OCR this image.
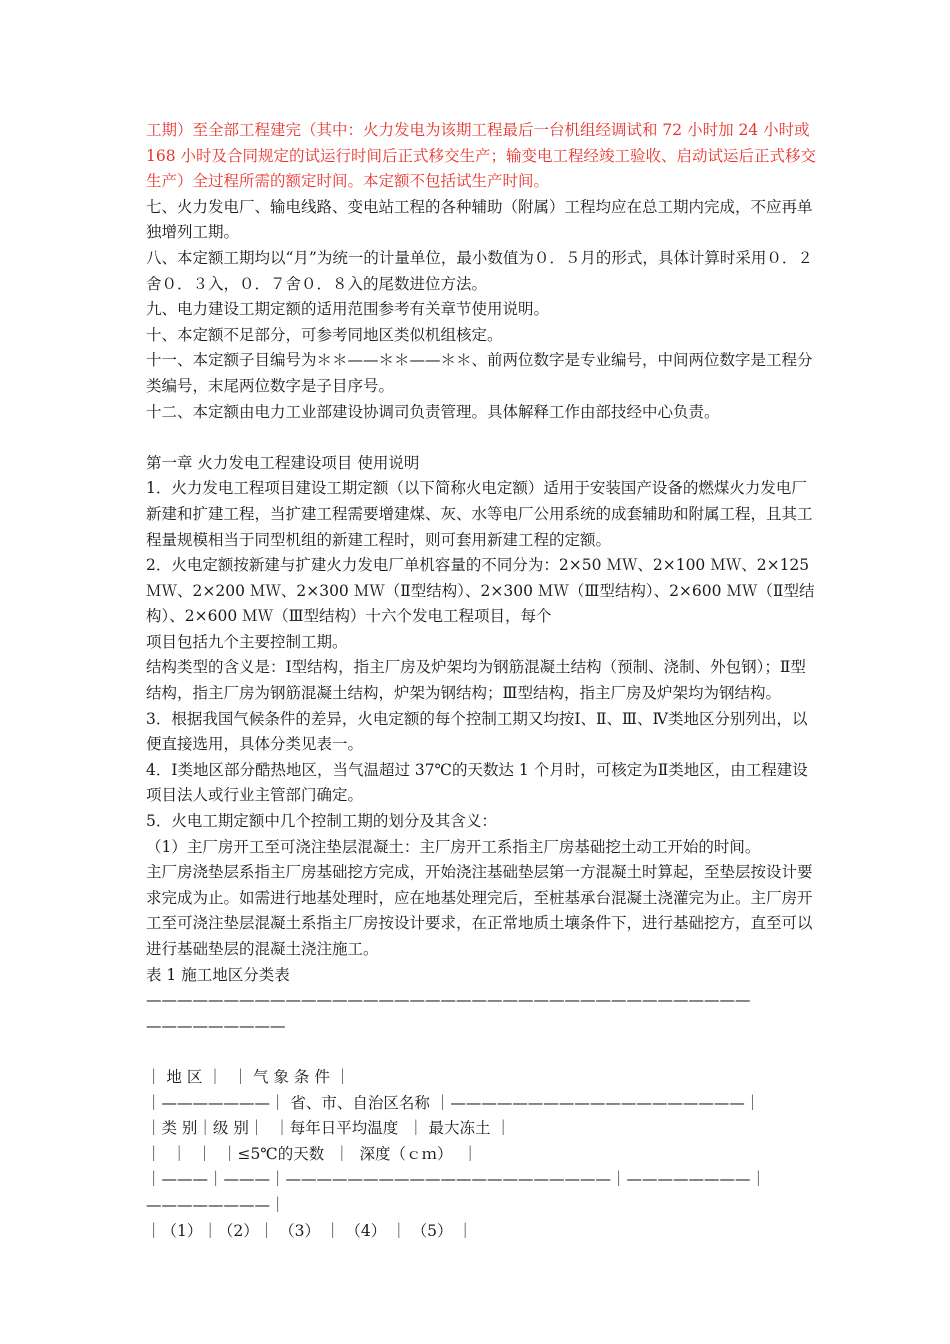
工期）至全部工程建完（其中：火力发电为该期工程最后一台机组经调试和 72 小时加 24 小时或 168 小时及合同规定的试运行时间后正式移交生产；输变电工程经竣工验收、启动试运后正式移交生产）全过程所需的额定时间。本定额不包括试生产时间。

七、火力发电厂、输电线路、变电站工程的各种辅助（附属）工程均应在总工期内完成，不应再单独增列工期。

八、本定额工期均以“月”为统一的计量单位，最小数值为０．５月的形式，具体计算时采用０．２舍０．３入，０．７舍０．８入的尾数进位方法。

九、电力建设工期定额的适用范围参考有关章节使用说明。

十、本定额不足部分，可参考同地区类似机组核定。

十一、本定额子目编号为＊＊——＊＊——＊＊、前两位数字是专业编号，中间两位数字是工程分类编号，末尾两位数字是子目序号。

十二、本定额由电力工业部建设协调司负责管理。具体解释工作由部技经中心负责。

第一章 火力发电工程建设项目 使用说明

1．火力发电工程项目建设工期定额（以下简称火电定额）适用于安装国产设备的燃煤火力发电厂新建和扩建工程，当扩建工程需要增建煤、灰、水等电厂公用系统的成套辅助和附属工程，且其工程量规模相当于同型机组的新建工程时，则可套用新建工程的定额。

2．火电定额按新建与扩建火力发电厂单机容量的不同分为：2×50 ＭＷ、2×100 ＭＷ、2×125 ＭＷ、2×200 ＭＷ、2×300 ＭＷ（Ⅱ型结构）、2×300 ＭＷ（Ⅲ型结构）、2×600 ＭＷ（Ⅱ型结构）、2×600 ＭＷ（Ⅲ型结构）十六个发电工程项目，每个

项目包括九个主要控制工期。

结构类型的含义是：Ⅰ型结构，指主厂房及炉架均为钢筋混凝土结构（预制、浇制、外包钢）；Ⅱ型结构，指主厂房为钢筋混凝土结构，炉架为钢结构；Ⅲ型结构，指主厂房及炉架均为钢结构。

3．根据我国气候条件的差异，火电定额的每个控制工期又均按Ⅰ、Ⅱ、Ⅲ、Ⅳ类地区分别列出，以便直接选用，具体分类见表一。

4．Ⅰ类地区部分酷热地区，当气温超过 37℃的天数达 1 个月时，可核定为Ⅱ类地区，由工程建设项目法人或行业主管部门确定。

5．火电工期定额中几个控制工期的划分及其含义：

（1）主厂房开工至可浇注垫层混凝土：主厂房开工系指主厂房基础挖土动工开始的时间。

主厂房浇垫层系指主厂房基础挖方完成，开始浇注基础垫层第一方混凝土时算起，至垫层按设计要求完成为止。如需进行地基处理时，应在地基处理完后，至桩基承台混凝土浇灌完为止。主厂房开工至可浇注垫层混凝土系指主厂房按设计要求，在正常地质土壤条件下，进行基础挖方，直至可以进行基础垫层的混凝土浇注施工。

表 1 施工地区分类表

———————————————————————————————————————

—————————

｜ 地 区 ｜  ｜ 气 象 条 件 ｜

｜———————｜ 省、市、自治区名称 ｜———————————————————｜

｜类 别｜级 别｜  ｜每年日平均温度  ｜ 最大冻土 ｜

｜  ｜  ｜  ｜≤5℃的天数  ｜  深度（ｃｍ）  ｜

｜———｜———｜—————————————————————｜————————｜

————————｜

｜（1）｜（2）｜ （3） ｜ （4） ｜ （5） ｜
